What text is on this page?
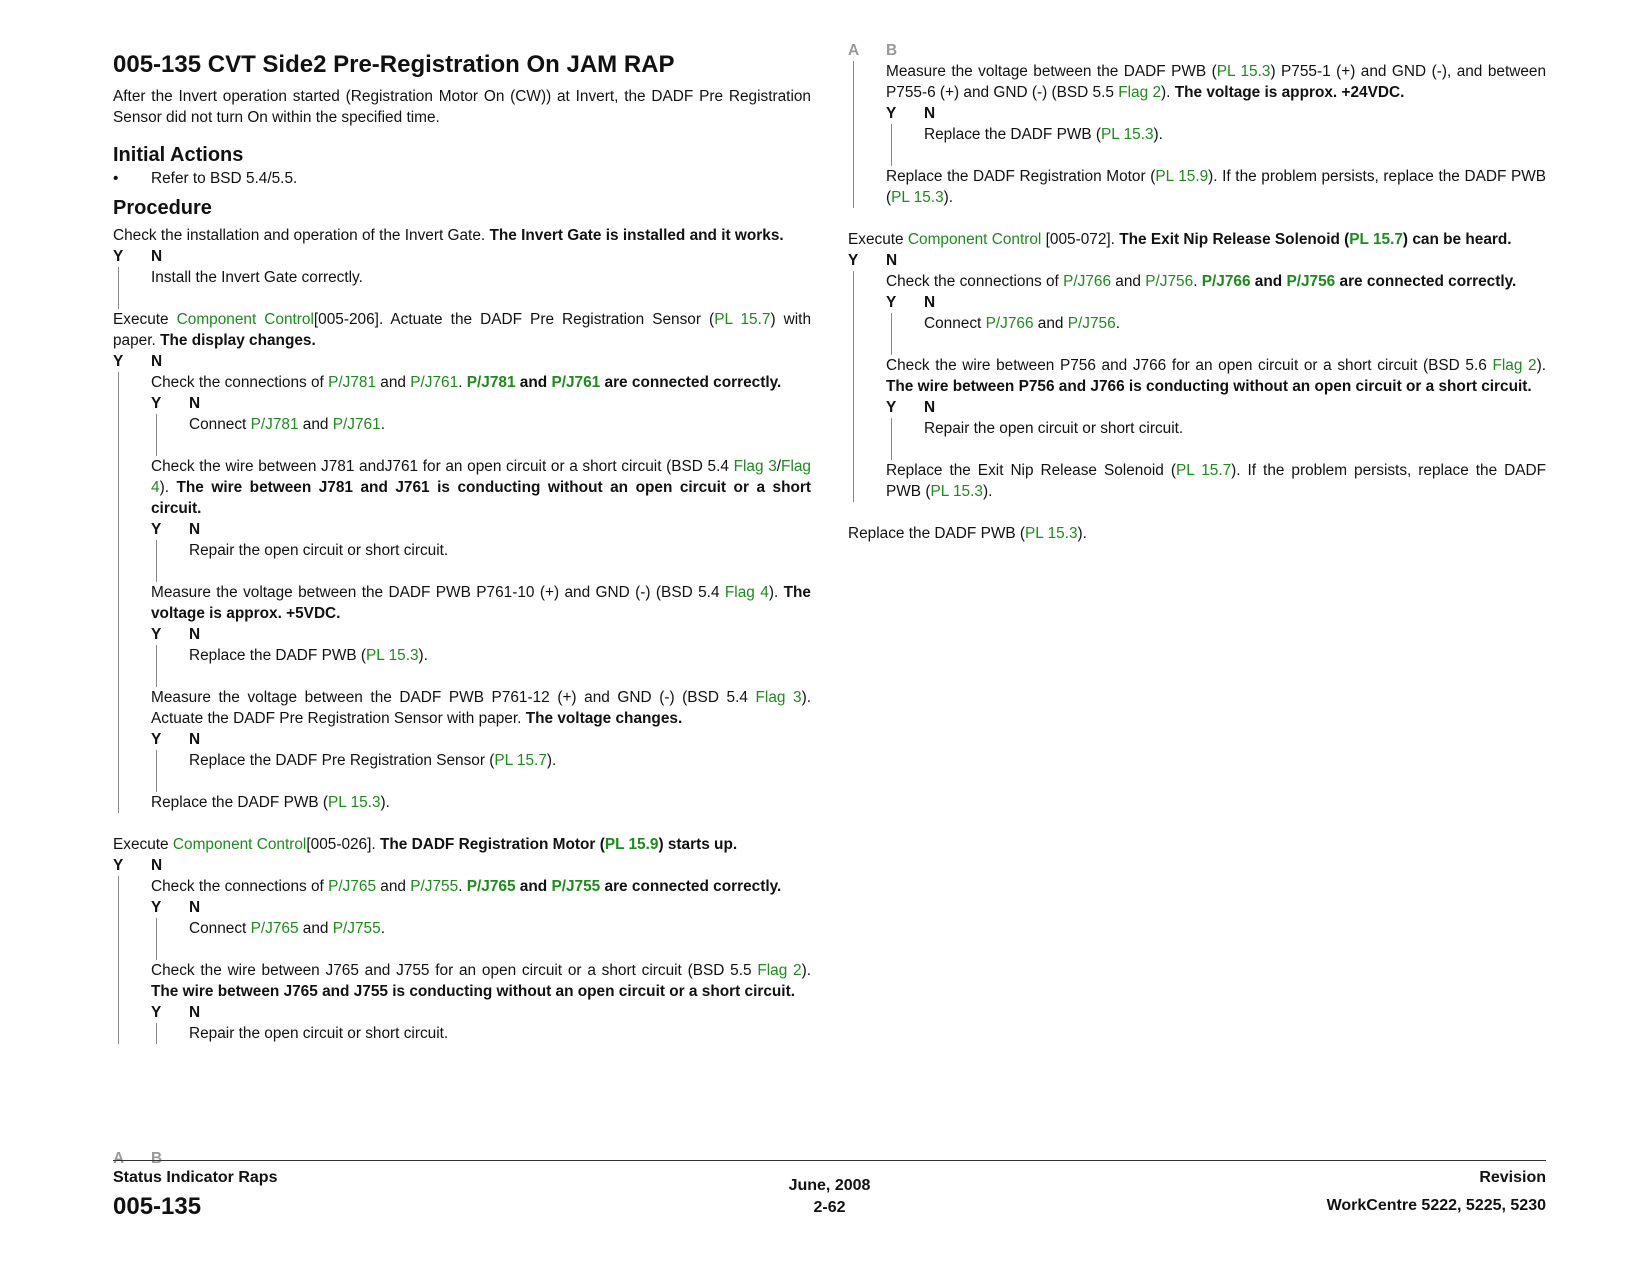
005-135 CVT Side2 Pre-Registration On JAM RAP

After the Invert operation started (Registration Motor On (CW)) at Invert, the DADF Pre Registration Sensor did not turn On within the specified time.

Initial Actions
•	Refer to BSD 5.4/5.5.
Procedure

Check the installation and operation of the Invert Gate. The Invert Gate is installed and it works.

Y	N

Install the Invert Gate correctly.

Execute Component Control[005-206]. Actuate the DADF Pre Registration Sensor (PL 15.7) with paper. The display changes.

Y	N

Check the connections of P/J781 and P/J761. P/J781 and P/J761 are connected correctly.

Y	N

Connect P/J781 and P/J761.

Check the wire between J781 andJ761 for an open circuit or a short circuit (BSD 5.4 Flag 3/Flag 4). The wire between J781 and J761 is conducting without an open circuit or a short circuit.

Y	N

Repair the open circuit or short circuit.

Measure the voltage between the DADF PWB P761-10 (+) and GND (-) (BSD 5.4 Flag 4). The voltage is approx. +5VDC.

Y	N

Replace the DADF PWB (PL 15.3).

Measure the voltage between the DADF PWB P761-12 (+) and GND (-) (BSD 5.4 Flag 3). Actuate the DADF Pre Registration Sensor with paper. The voltage changes.

Y	N

Replace the DADF Pre Registration Sensor (PL 15.7).

Replace the DADF PWB (PL 15.3).

Execute Component Control[005-026]. The DADF Registration Motor (PL 15.9) starts up.

Y	N

Check the connections of P/J765 and P/J755. P/J765 and P/J755 are connected correctly.

Y	N

Connect P/J765 and P/J755.

Check the wire between J765 and J755 for an open circuit or a short circuit (BSD 5.5 Flag 2). The wire between J765 and J755 is conducting without an open circuit or a short circuit.

Y	N

Repair the open circuit or short circuit.

A B
A	B

Measure the voltage between the DADF PWB (PL 15.3) P755-1 (+) and GND (-), and between P755-6 (+) and GND (-) (BSD 5.5 Flag 2). The voltage is approx. +24VDC.

Y	N

Replace the DADF PWB (PL 15.3).

Replace the DADF Registration Motor (PL 15.9). If the problem persists, replace the DADF PWB (PL 15.3).

Execute Component Control [005-072]. The Exit Nip Release Solenoid (PL 15.7) can be heard.

Y	N

Check the connections of P/J766 and P/J756. P/J766 and P/J756 are connected correctly.

Y	N

Connect P/J766 and P/J756.

Check the wire between P756 and J766 for an open circuit or a short circuit (BSD 5.6 Flag 2). The wire between P756 and J766 is conducting without an open circuit or a short circuit.

Y	N

Repair the open circuit or short circuit.

Replace the Exit Nip Release Solenoid (PL 15.7). If the problem persists, replace the DADF PWB (PL 15.3).

Replace the DADF PWB (PL 15.3).

Status Indicator Raps
005-135
June, 2008
2-62
Revision
WorkCentre 5222, 5225, 5230
